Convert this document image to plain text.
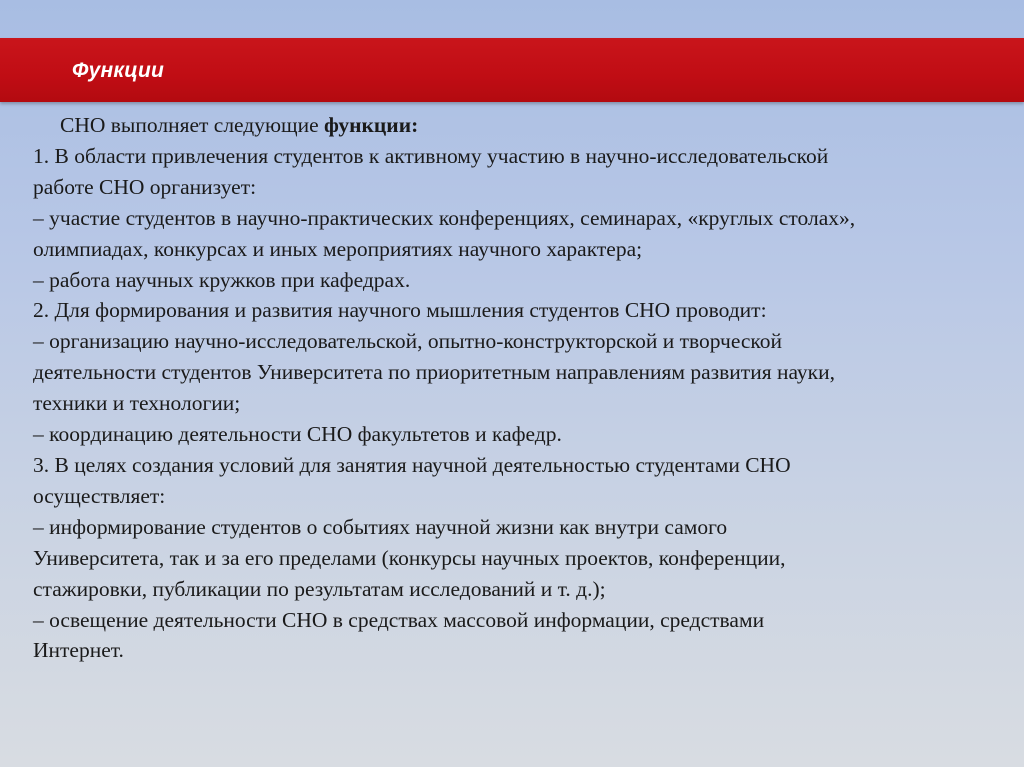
Функции
СНО выполняет следующие функции:
1. В области привлечения студентов к активному участию в научно-исследовательской
работе СНО организует:
– участие студентов в научно-практических конференциях, семинарах, «круглых столах»,
олимпиадах, конкурсах и иных мероприятиях научного характера;
– работа научных кружков при кафедрах.
2. Для формирования и развития научного мышления студентов СНО проводит:
– организацию научно-исследовательской, опытно-конструкторской и творческой
деятельности студентов Университета по приоритетным направлениям развития науки,
техники и технологии;
– координацию деятельности СНО факультетов и кафедр.
3. В целях создания условий для занятия научной деятельностью студентами СНО
осуществляет:
– информирование студентов о событиях научной жизни как внутри самого
Университета, так и за его пределами (конкурсы научных проектов, конференции,
стажировки, публикации по результатам исследований и т. д.);
– освещение деятельности СНО в средствах массовой информации, средствами
Интернет.
